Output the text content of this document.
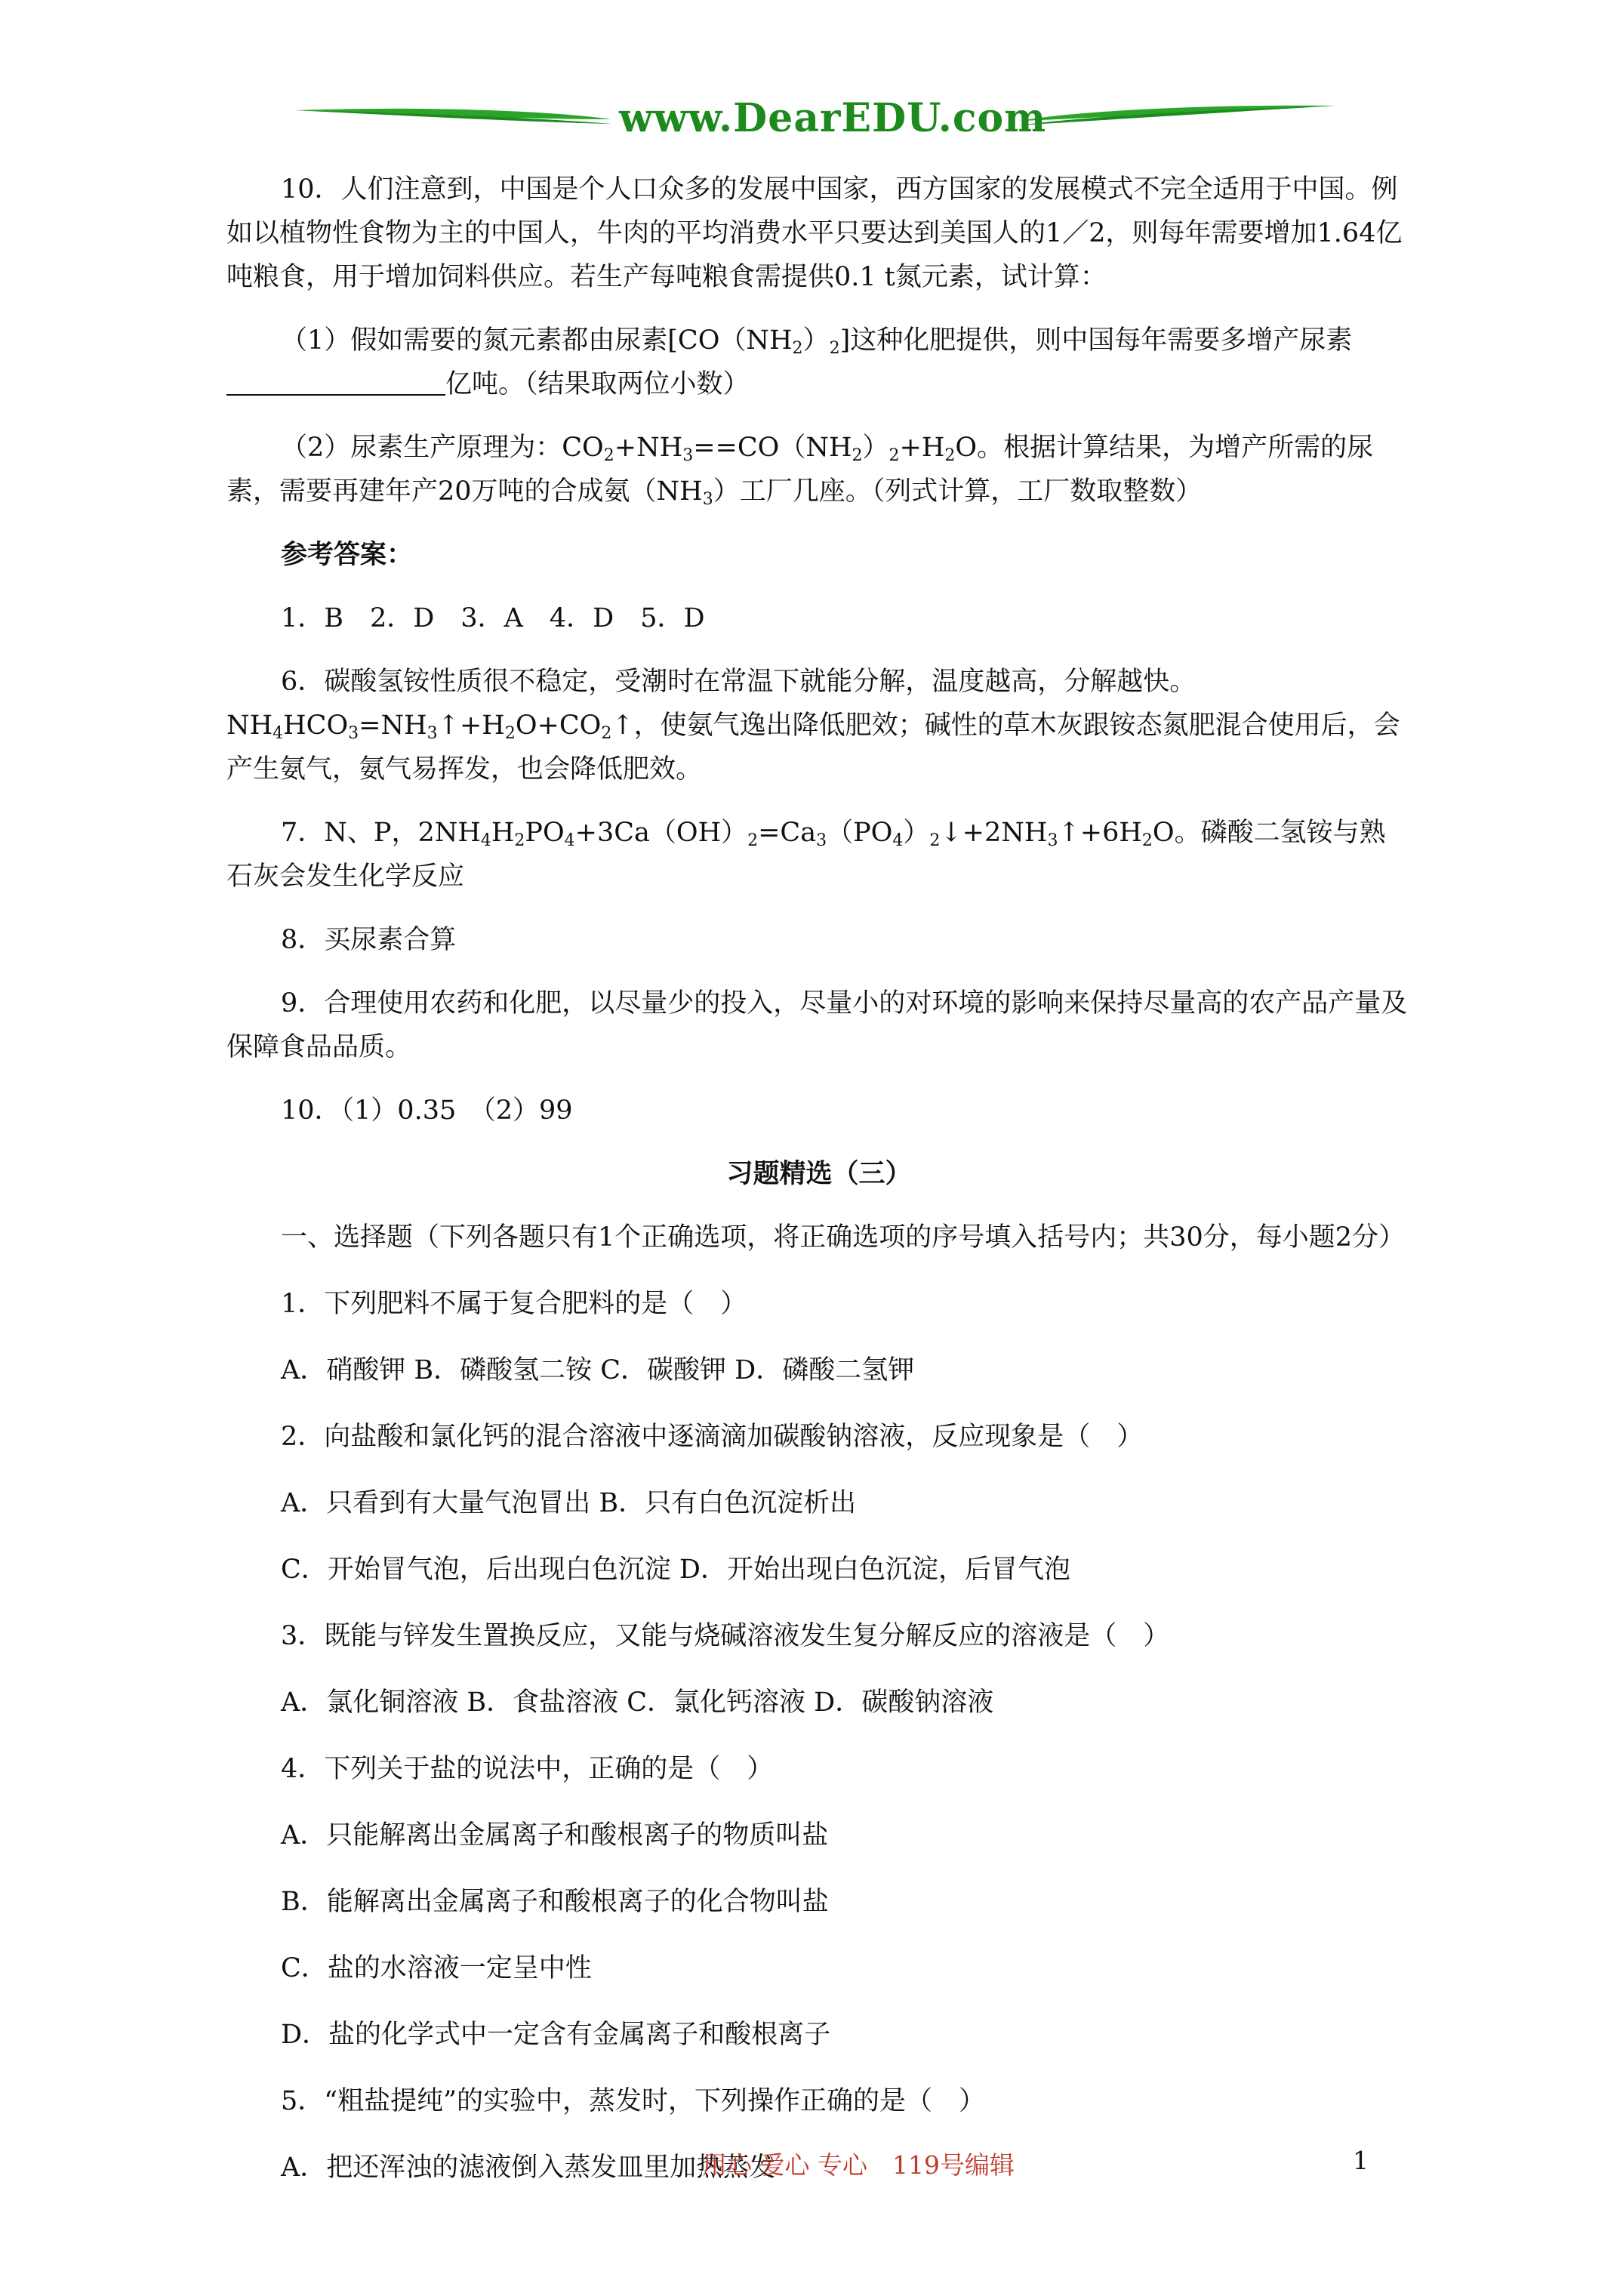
www.DearEDU.com

10．人们注意到，中国是个人口众多的发展中国家，西方国家的发展模式不完全适用于中国。例如以植物性食物为主的中国人，牛肉的平均消费水平只要达到美国人的1／2，则每年需要增加1.64亿吨粮食，用于增加饲料供应。若生产每吨粮食需提供0.1 t氮元素，试计算：

（1）假如需要的氮元素都由尿素$[CO(NH_2)_2]$这种化肥提供，则中国每年需要多增产尿素

亿吨。（结果取两位小数）

（2）尿素生产原理为：$CO_2+NH_3==CO(NH_2)_2+H_2O$。根据计算结果，为增产所需的尿素，需要再建年产20万吨的合成氨$(NH_3)$工厂几座。（列式计算，工厂数取整数）

参考答案：

1．B　2．D　3．A　4．D　5．D

6．碳酸氢铵性质很不稳定，受潮时在常温下就能分解，温度越高，分解越快。

$NH_4HCO_3=NH_3↑+H_2O+CO_2↑$，使氨气逸出降低肥效；碱性的草木灰跟铵态氮肥混合使用后，会产生氨气，氨气易挥发，也会降低肥效。

7．N、P，$2NH_4H_2PO_4+3Ca(OH)_2=Ca_3(PO_4)_2↓+2NH_3↑+6H_2O$。磷酸二氢铵与熟石灰会发生化学反应

8．买尿素合算

9．合理使用农药和化肥，以尽量少的投入，尽量小的对环境的影响来保持尽量高的农产品产量及保障食品品质。

10．（1）0.35　（2）99

习题精选（三）

一、选择题（下列各题只有1个正确选项，将正确选项的序号填入括号内；共30分，每小题2分）

1．下列肥料不属于复合肥料的是（　）

A．硝酸钾 B．磷酸氢二铵 C．碳酸钾 D．磷酸二氢钾

2．向盐酸和氯化钙的混合溶液中逐滴滴加碳酸钠溶液，反应现象是（　）

A．只看到有大量气泡冒出 B．只有白色沉淀析出

C．开始冒气泡，后出现白色沉淀 D．开始出现白色沉淀，后冒气泡

3．既能与锌发生置换反应，又能与烧碱溶液发生复分解反应的溶液是（　）

A．氯化铜溶液 B．食盐溶液 C．氯化钙溶液 D．碳酸钠溶液

4．下列关于盐的说法中，正确的是（　）

A．只能解离出金属离子和酸根离子的物质叫盐

B．能解离出金属离子和酸根离子的化合物叫盐

C．盐的水溶液一定呈中性

D．盐的化学式中一定含有金属离子和酸根离子

5．“粗盐提纯”的实验中，蒸发时，下列操作正确的是（　）

A．把还浑浊的滤液倒入蒸发皿里加热蒸发

用心 爱心 专心　119号编辑	1
